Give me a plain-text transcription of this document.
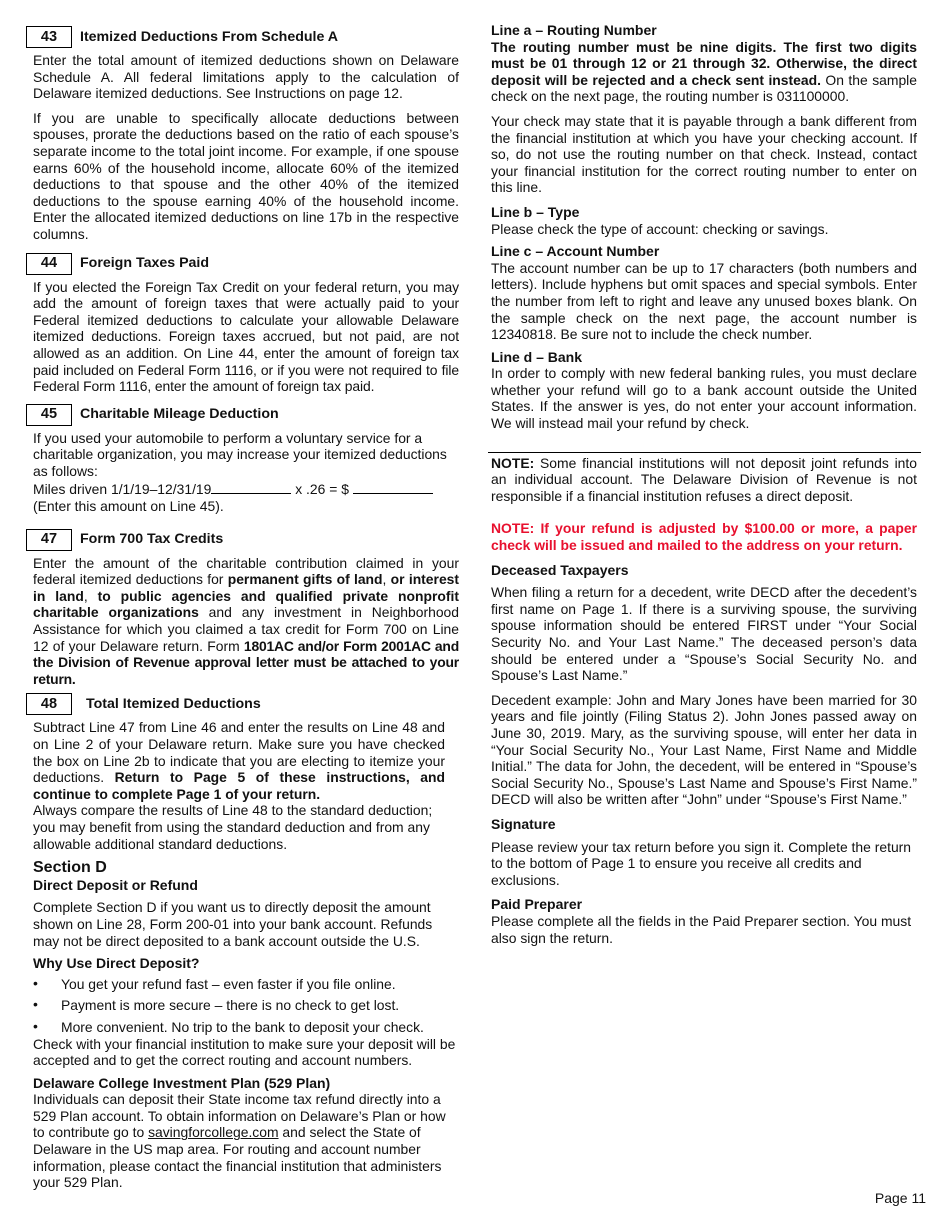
43	Itemized Deductions From Schedule A

Enter the total amount of itemized deductions shown on Delaware Schedule A. All federal limitations apply to the calculation of Delaware itemized deductions. See Instructions on page 12.

If you are unable to specifically allocate deductions between spouses, prorate the deductions based on the ratio of each spouse’s separate income to the total joint income. For example, if one spouse earns 60% of the household income, allocate 60% of the itemized deductions to that spouse and the other 40% of the itemized deductions to the spouse earning 40% of the household income. Enter the allocated itemized deductions on line 17b in the respective columns.

44	Foreign Taxes Paid

If you elected the Foreign Tax Credit on your federal return, you may add the amount of foreign taxes that were actually paid to your Federal itemized deductions to calculate your allowable Delaware itemized deductions. Foreign taxes accrued, but not paid, are not allowed as an addition. On Line 44, enter the amount of foreign tax paid included on Federal Form 1116, or if you were not required to file Federal Form 1116, enter the amount of foreign tax paid.

45	Charitable Mileage Deduction

If you used your automobile to perform a voluntary service for a charitable organization, you may increase your itemized deductions as follows:

Miles driven 1/1/19–12/31/19	x .26 = $

(Enter this amount on Line 45).

47	Form 700 Tax Credits

Enter the amount of the charitable contribution claimed in your federal itemized deductions for permanent gifts of land, or interest in land, to public agencies and qualified private nonprofit charitable organizations and any investment in Neighborhood Assistance for which you claimed a tax credit for Form 700 on Line 12 of your Delaware return. Form 1801AC and/or Form 2001AC and the Division of Revenue approval letter must be attached to your return.

48	Total Itemized Deductions

Subtract Line 47 from Line 46 and enter the results on Line 48 and on Line 2 of your Delaware return. Make sure you have checked the box on Line 2b to indicate that you are electing to itemize your deductions. Return to Page 5 of these instructions, and continue to complete Page 1 of your return.

Always compare the results of Line 48 to the standard deduction; you may benefit from using the standard deduction and from any allowable additional standard deductions.

Section D
Direct Deposit or Refund

Complete Section D if you want us to directly deposit the amount shown on Line 28, Form 200-01 into your bank account. Refunds may not be direct deposited to a bank account outside the U.S.

Why Use Direct Deposit?
• You get your refund fast – even faster if you file online.
• Payment is more secure – there is no check to get lost.
• More convenient. No trip to the bank to deposit your check.

Check with your financial institution to make sure your deposit will be accepted and to get the correct routing and account numbers.

Delaware College Investment Plan (529 Plan)

Individuals can deposit their State income tax refund directly into a 529 Plan account. To obtain information on Delaware’s Plan or how to contribute go to savingforcollege.com and select the State of Delaware in the US map area. For routing and account number information, please contact the financial institution that administers your 529 Plan.

Line a – Routing Number

The routing number must be nine digits. The first two digits must be 01 through 12 or 21 through 32. Otherwise, the direct deposit will be rejected and a check sent instead. On the sample check on the next page, the routing number is 031100000.

Your check may state that it is payable through a bank different from the financial institution at which you have your checking account. If so, do not use the routing number on that check. Instead, contact your financial institution for the correct routing number to enter on this line.

Line b – Type

Please check the type of account: checking or savings.

Line c – Account Number

The account number can be up to 17 characters (both numbers and letters). Include hyphens but omit spaces and special symbols. Enter the number from left to right and leave any unused boxes blank. On the sample check on the next page, the account number is 12340818. Be sure not to include the check number.

Line d – Bank

In order to comply with new federal banking rules, you must declare whether your refund will go to a bank account outside the United States. If the answer is yes, do not enter your account information. We will instead mail your refund by check.

NOTE: Some financial institutions will not deposit joint refunds into an individual account. The Delaware Division of Revenue is not responsible if a financial institution refuses a direct deposit.

NOTE: If your refund is adjusted by $100.00 or more, a paper check will be issued and mailed to the address on your return.

Deceased Taxpayers

When filing a return for a decedent, write DECD after the decedent’s first name on Page 1. If there is a surviving spouse, the surviving spouse information should be entered FIRST under “Your Social Security No. and Your Last Name.” The deceased person’s data should be entered under a “Spouse’s Social Security No. and Spouse’s Last Name.”

Decedent example: John and Mary Jones have been married for 30 years and file jointly (Filing Status 2). John Jones passed away on June 30, 2019. Mary, as the surviving spouse, will enter her data in “Your Social Security No., Your Last Name, First Name and Middle Initial.” The data for John, the decedent, will be entered in “Spouse’s Social Security No., Spouse’s Last Name and Spouse’s First Name.” DECD will also be written after “John” under “Spouse’s First Name.”

Signature

Please review your tax return before you sign it. Complete the return to the bottom of Page 1 to ensure you receive all credits and exclusions.

Paid Preparer

Please complete all the fields in the Paid Preparer section. You must also sign the return.

Page 11
